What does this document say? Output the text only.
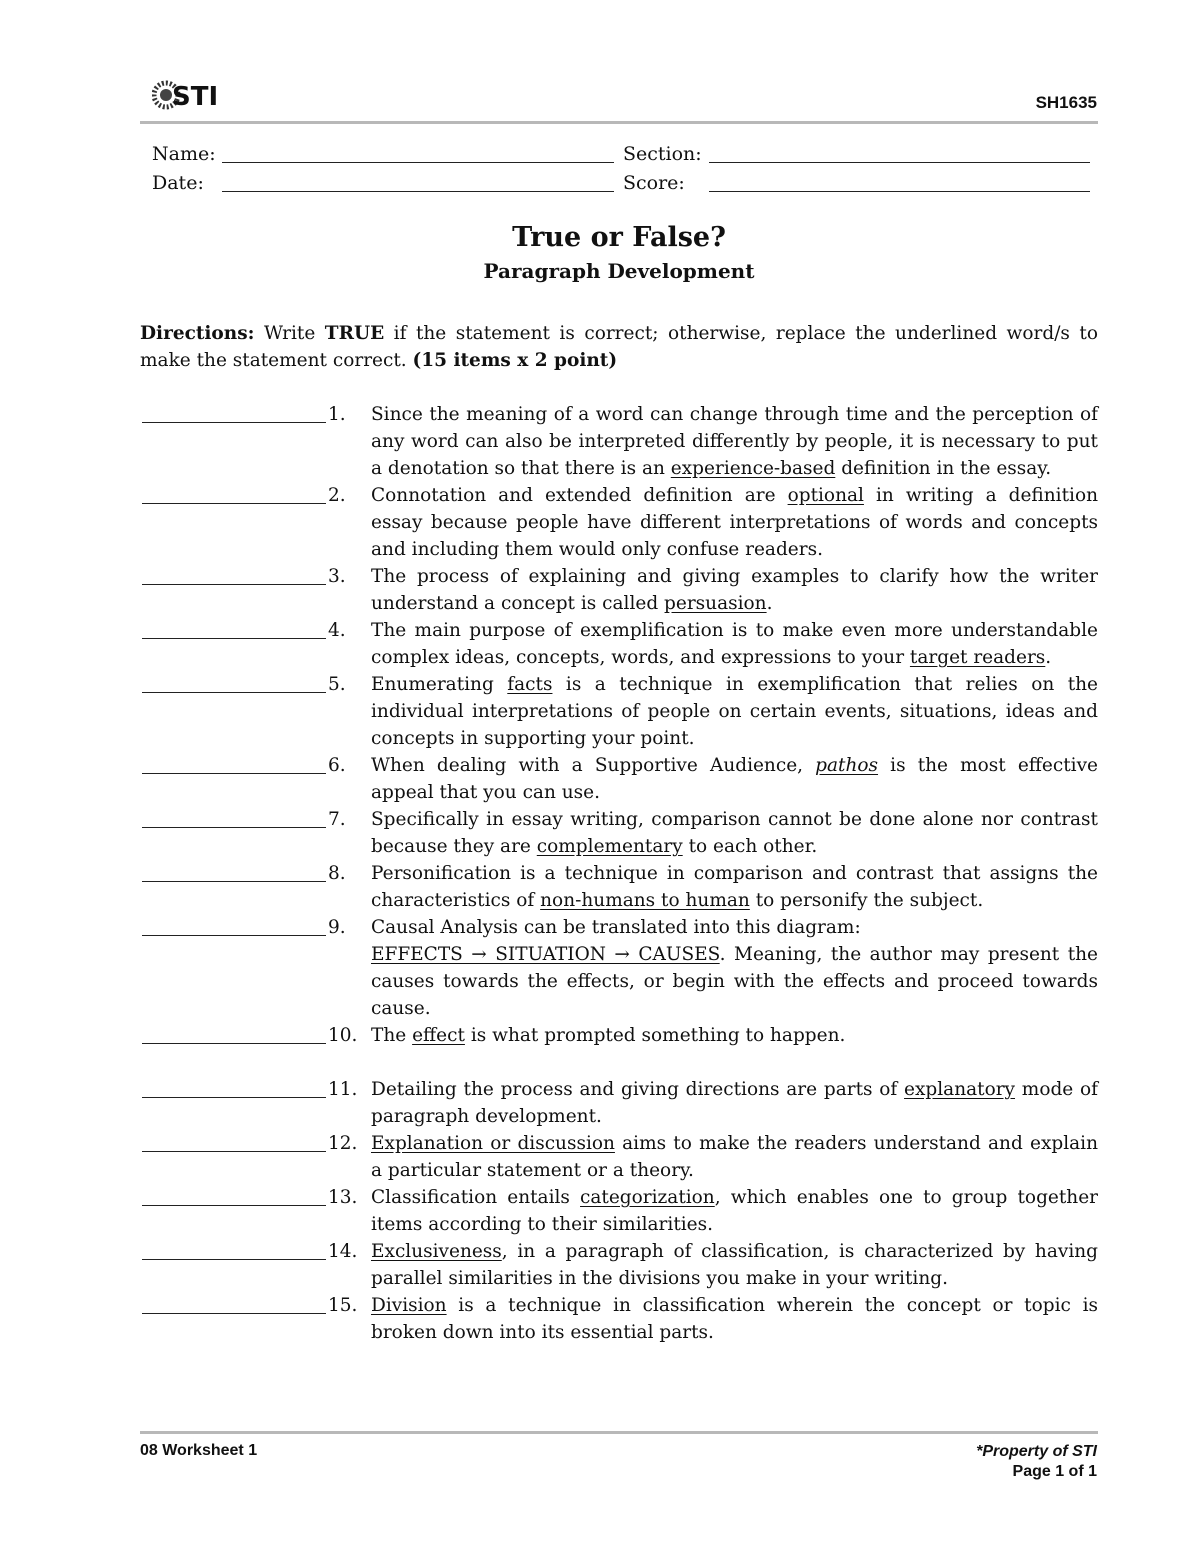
STI	SH1635
Name:	Section:
Date:	Score:
True or False?
Paragraph Development
Directions: Write TRUE if the statement is correct; otherwise, replace the underlined word/s to make the statement correct. (15 items x 2 point)
1. Since the meaning of a word can change through time and the perception of any word can also be interpreted differently by people, it is necessary to put a denotation so that there is an experience-based definition in the essay.
2. Connotation and extended definition are optional in writing a definition essay because people have different interpretations of words and concepts and including them would only confuse readers.
3. The process of explaining and giving examples to clarify how the writer understand a concept is called persuasion.
4. The main purpose of exemplification is to make even more understandable complex ideas, concepts, words, and expressions to your target readers.
5. Enumerating facts is a technique in exemplification that relies on the individual interpretations of people on certain events, situations, ideas and concepts in supporting your point.
6. When dealing with a Supportive Audience, pathos is the most effective appeal that you can use.
7. Specifically in essay writing, comparison cannot be done alone nor contrast because they are complementary to each other.
8. Personification is a technique in comparison and contrast that assigns the characteristics of non-humans to human to personify the subject.
9. Causal Analysis can be translated into this diagram:
EFFECTS → SITUATION → CAUSES. Meaning, the author may present the causes towards the effects, or begin with the effects and proceed towards cause.
10. The effect is what prompted something to happen.
11. Detailing the process and giving directions are parts of explanatory mode of paragraph development.
12. Explanation or discussion aims to make the readers understand and explain a particular statement or a theory.
13. Classification entails categorization, which enables one to group together items according to their similarities.
14. Exclusiveness, in a paragraph of classification, is characterized by having parallel similarities in the divisions you make in your writing.
15. Division is a technique in classification wherein the concept or topic is broken down into its essential parts.
08 Worksheet 1	*Property of STI
Page 1 of 1
